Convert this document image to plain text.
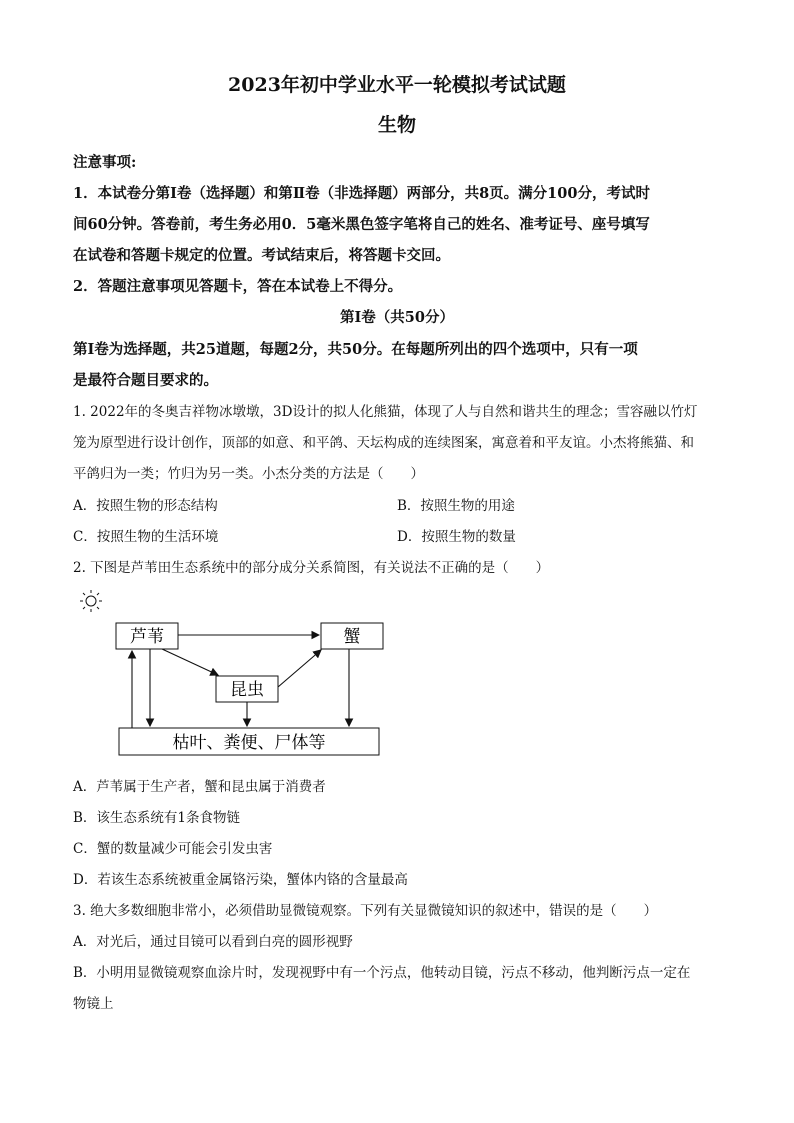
2023年初中学业水平一轮模拟考试试题
生物
注意事项:
1．本试卷分第Ⅰ卷（选择题）和第Ⅱ卷（非选择题）两部分，共8页。满分100分，考试时
间60分钟。答卷前，考生务必用0．5毫米黑色签字笔将自己的姓名、准考证号、座号填写
在试卷和答题卡规定的位置。考试结束后，将答题卡交回。
2．答题注意事项见答题卡，答在本试卷上不得分。
第Ⅰ卷（共50分）
第Ⅰ卷为选择题，共25道题，每题2分，共50分。在每题所列出的四个选项中，只有一项
是最符合题目要求的。
1. 2022年的冬奥吉祥物冰墩墩，3D设计的拟人化熊猫，体现了人与自然和谐共生的理念；雪容融以竹灯
笼为原型进行设计创作，顶部的如意、和平鸽、天坛构成的连续图案，寓意着和平友谊。小杰将熊猫、和
平鸽归为一类；竹归为另一类。小杰分类的方法是（　　）
A．按照生物的形态结构	B．按照生物的用途
C．按照生物的生活环境	D．按照生物的数量
2. 下图是芦苇田生态系统中的部分成分关系简图，有关说法不正确的是（　　）
芦苇	蟹
昆虫
枯叶、粪便、尸体等
A．芦苇属于生产者，蟹和昆虫属于消费者
B．该生态系统有1条食物链
C．蟹的数量减少可能会引发虫害
D．若该生态系统被重金属铬污染，蟹体内铬的含量最高
3. 绝大多数细胞非常小，必须借助显微镜观察。下列有关显微镜知识的叙述中，错误的是（　　）
A．对光后，通过目镜可以看到白亮的圆形视野
B．小明用显微镜观察血涂片时，发现视野中有一个污点，他转动目镜，污点不移动，他判断污点一定在
物镜上
